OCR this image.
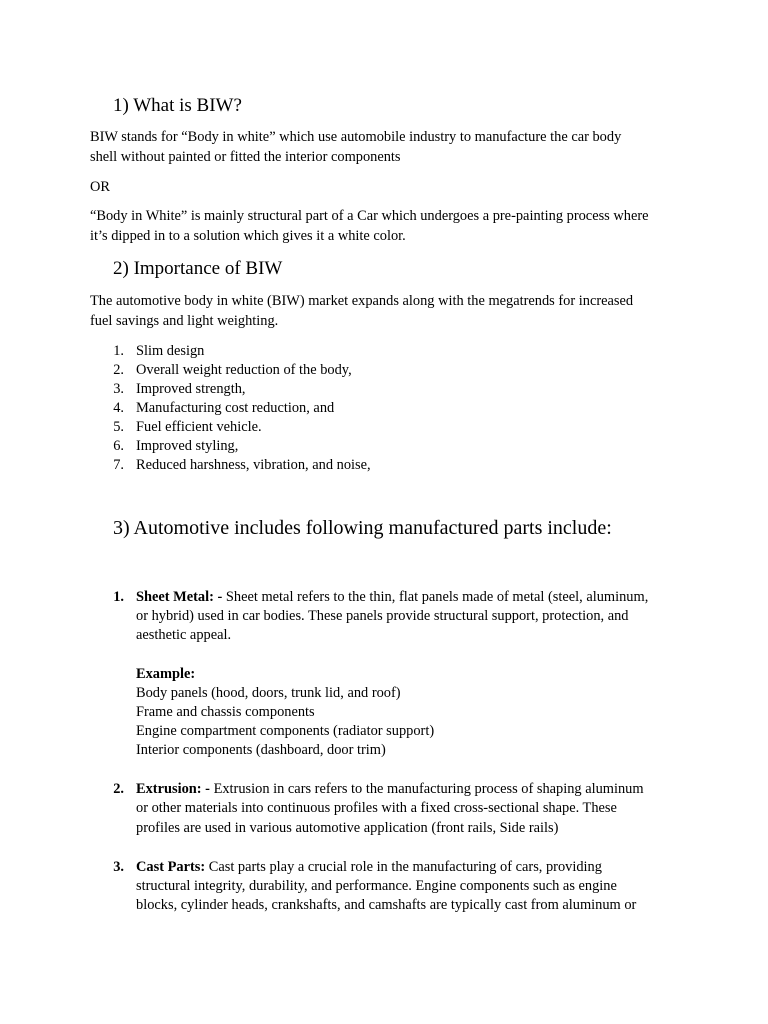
1) What is BIW?
BIW stands for “Body in white” which use automobile industry to manufacture the car body
shell without painted or fitted the interior components
OR
“Body in White” is mainly structural part of a Car which undergoes a pre-painting process where
it’s dipped in to a solution which gives it a white color.
2) Importance of BIW
The automotive body in white (BIW) market expands along with the megatrends for increased
fuel savings and light weighting.
1. Slim design
2. Overall weight reduction of the body,
3. Improved strength,
4. Manufacturing cost reduction, and
5. Fuel efficient vehicle.
6. Improved styling,
7. Reduced harshness, vibration, and noise,
3) Automotive includes following manufactured parts include:
1. Sheet Metal: - Sheet metal refers to the thin, flat panels made of metal (steel, aluminum,
or hybrid) used in car bodies. These panels provide structural support, protection, and
aesthetic appeal.
Example:
Body panels (hood, doors, trunk lid, and roof)
Frame and chassis components
Engine compartment components (radiator support)
Interior components (dashboard, door trim)
2. Extrusion: - Extrusion in cars refers to the manufacturing process of shaping aluminum
or other materials into continuous profiles with a fixed cross-sectional shape. These
profiles are used in various automotive application (front rails, Side rails)
3. Cast Parts: Cast parts play a crucial role in the manufacturing of cars, providing
structural integrity, durability, and performance. Engine components such as engine
blocks, cylinder heads, crankshafts, and camshafts are typically cast from aluminum or
